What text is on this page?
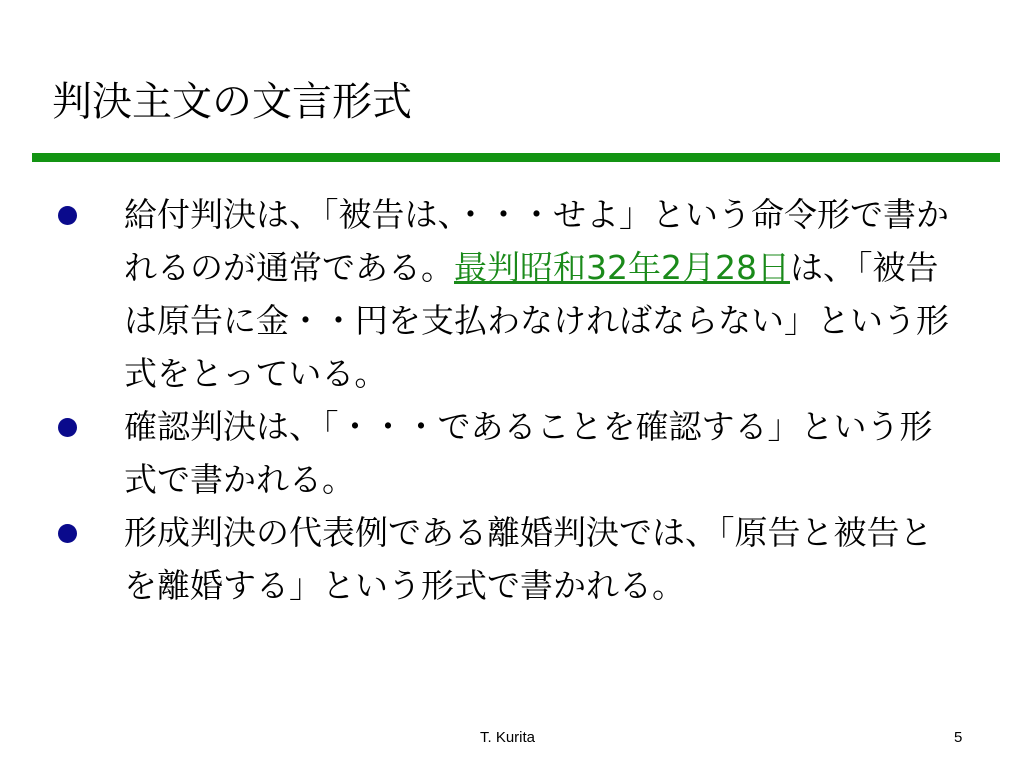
判決主文の文言形式
給付判決は、「被告は、・・・せよ」という命令形で書かれるのが通常である。最判昭和32年2月28日は、「被告は原告に金・・円を支払わなければならない」という形式をとっている。
確認判決は、「・・・であることを確認する」という形式で書かれる。
形成判決の代表例である離婚判決では、「原告と被告とを離婚する」という形式で書かれる。
T. Kurita	5
